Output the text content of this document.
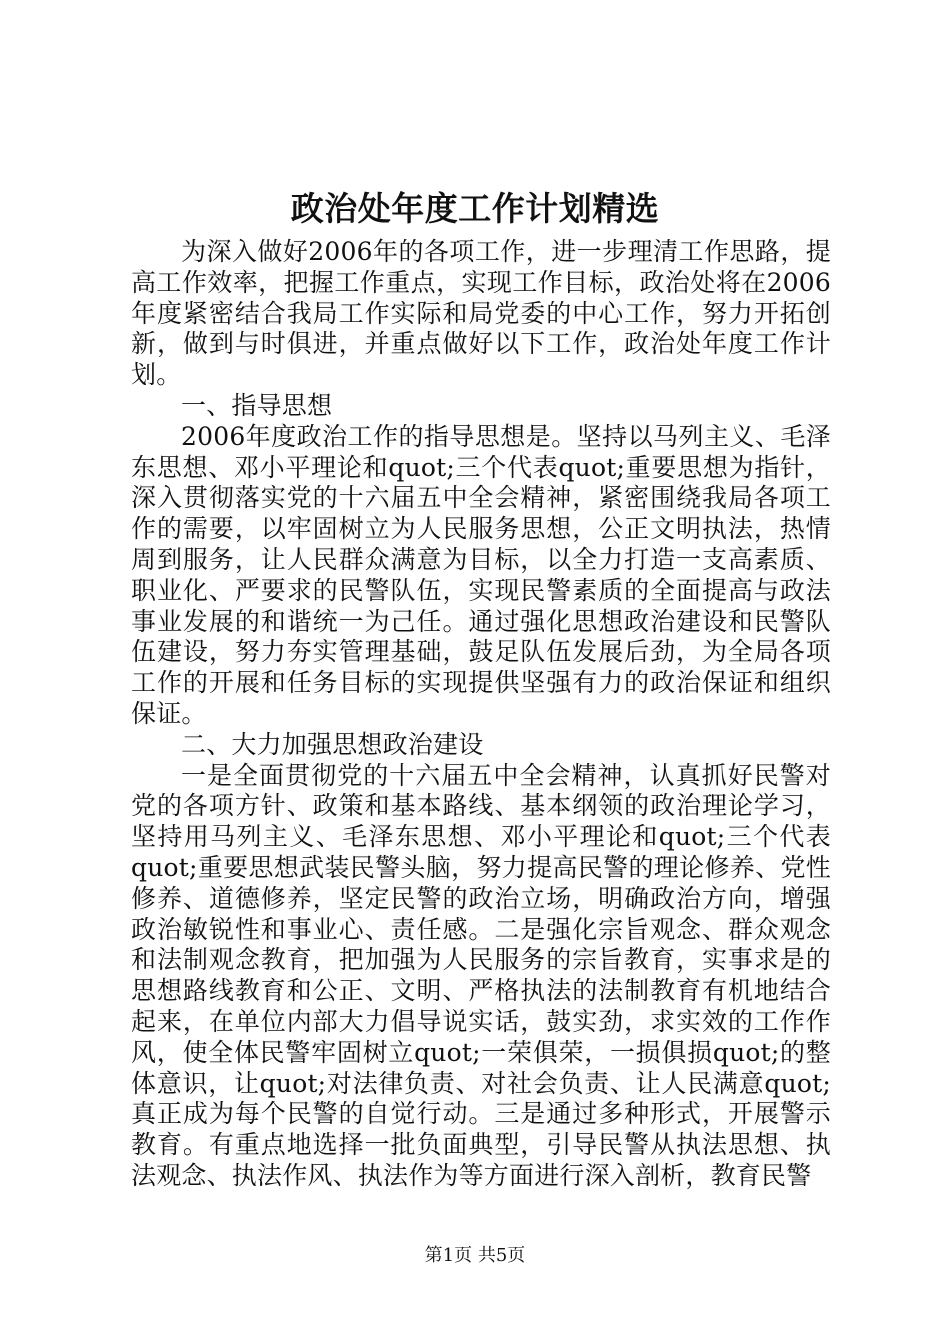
政治处年度工作计划精选

为深入做好2006年的各项工作，进一步理清工作思路，提高工作效率，把握工作重点，实现工作目标，政治处将在2006年度紧密结合我局工作实际和局党委的中心工作，努力开拓创新，做到与时俱进，并重点做好以下工作，政治处年度工作计划。

一、指导思想

2006年度政治工作的指导思想是。坚持以马列主义、毛泽东思想、邓小平理论和quot;三个代表quot;重要思想为指针，深入贯彻落实党的十六届五中全会精神，紧密围绕我局各项工作的需要，以牢固树立为人民服务思想，公正文明执法，热情周到服务，让人民群众满意为目标，以全力打造一支高素质、职业化、严要求的民警队伍，实现民警素质的全面提高与政法事业发展的和谐统一为己任。通过强化思想政治建设和民警队伍建设，努力夯实管理基础，鼓足队伍发展后劲，为全局各项工作的开展和任务目标的实现提供坚强有力的政治保证和组织保证。

二、大力加强思想政治建设

一是全面贯彻党的十六届五中全会精神，认真抓好民警对党的各项方针、政策和基本路线、基本纲领的政治理论学习，坚持用马列主义、毛泽东思想、邓小平理论和quot;三个代表quot;重要思想武装民警头脑，努力提高民警的理论修养、党性修养、道德修养，坚定民警的政治立场，明确政治方向，增强政治敏锐性和事业心、责任感。二是强化宗旨观念、群众观念和法制观念教育，把加强为人民服务的宗旨教育，实事求是的思想路线教育和公正、文明、严格执法的法制教育有机地结合起来，在单位内部大力倡导说实话，鼓实劲，求实效的工作作风，使全体民警牢固树立quot;一荣俱荣，一损俱损quot;的整体意识，让quot;对法律负责、对社会负责、让人民满意quot;真正成为每个民警的自觉行动。三是通过多种形式，开展警示教育。有重点地选择一批负面典型，引导民警从执法思想、执法观念、执法作风、执法作为等方面进行深入剖析，教育民警

第1页 共5页
